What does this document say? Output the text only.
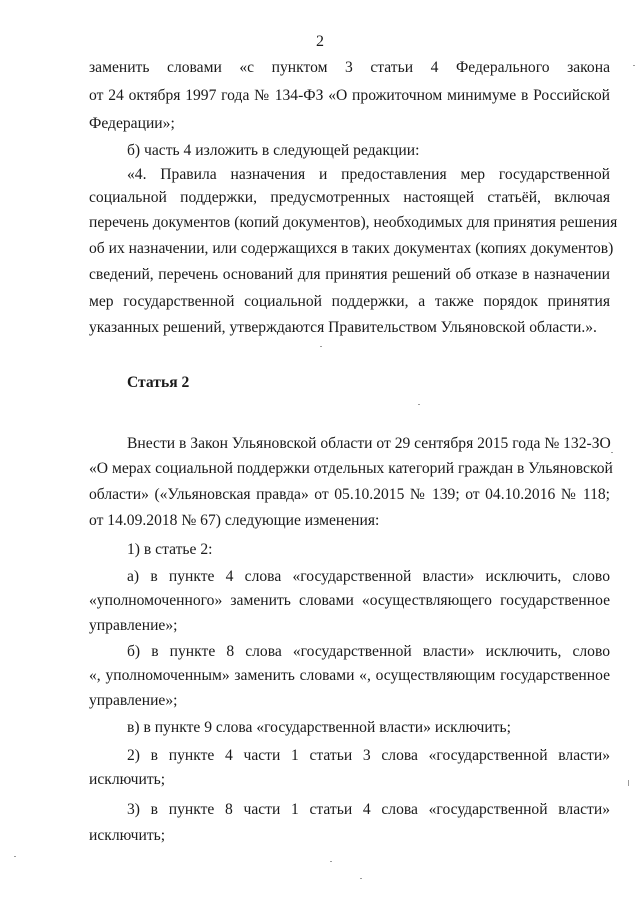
2
заменить словами «с пунктом 3 статьи 4 Федерального закона
от 24 октября 1997 года № 134-ФЗ «О прожиточном минимуме в Российской
Федерации»;
б) часть 4 изложить в следующей редакции:
«4. Правила назначения и предоставления мер государственной
социальной поддержки, предусмотренных настоящей статьёй, включая
перечень документов (копий документов), необходимых для принятия решения
об их назначении, или содержащихся в таких документах (копиях документов)
сведений, перечень оснований для принятия решений об отказе в назначении
мер государственной социальной поддержки, а также порядок принятия
указанных решений, утверждаются Правительством Ульяновской области.».
Статья 2
Внести в Закон Ульяновской области от 29 сентября 2015 года № 132-ЗО
«О мерах социальной поддержки отдельных категорий граждан в Ульяновской
области» («Ульяновская правда» от 05.10.2015 № 139; от 04.10.2016 № 118;
от 14.09.2018 № 67) следующие изменения:
1) в статье 2:
а) в пункте 4 слова «государственной власти» исключить, слово
«уполномоченного» заменить словами «осуществляющего государственное
управление»;
б) в пункте 8 слова «государственной власти» исключить, слово
«, уполномоченным» заменить словами «, осуществляющим государственное
управление»;
в) в пункте 9 слова «государственной власти» исключить;
2) в пункте 4 части 1 статьи 3 слова «государственной власти»
исключить;
3) в пункте 8 части 1 статьи 4 слова «государственной власти»
исключить;
